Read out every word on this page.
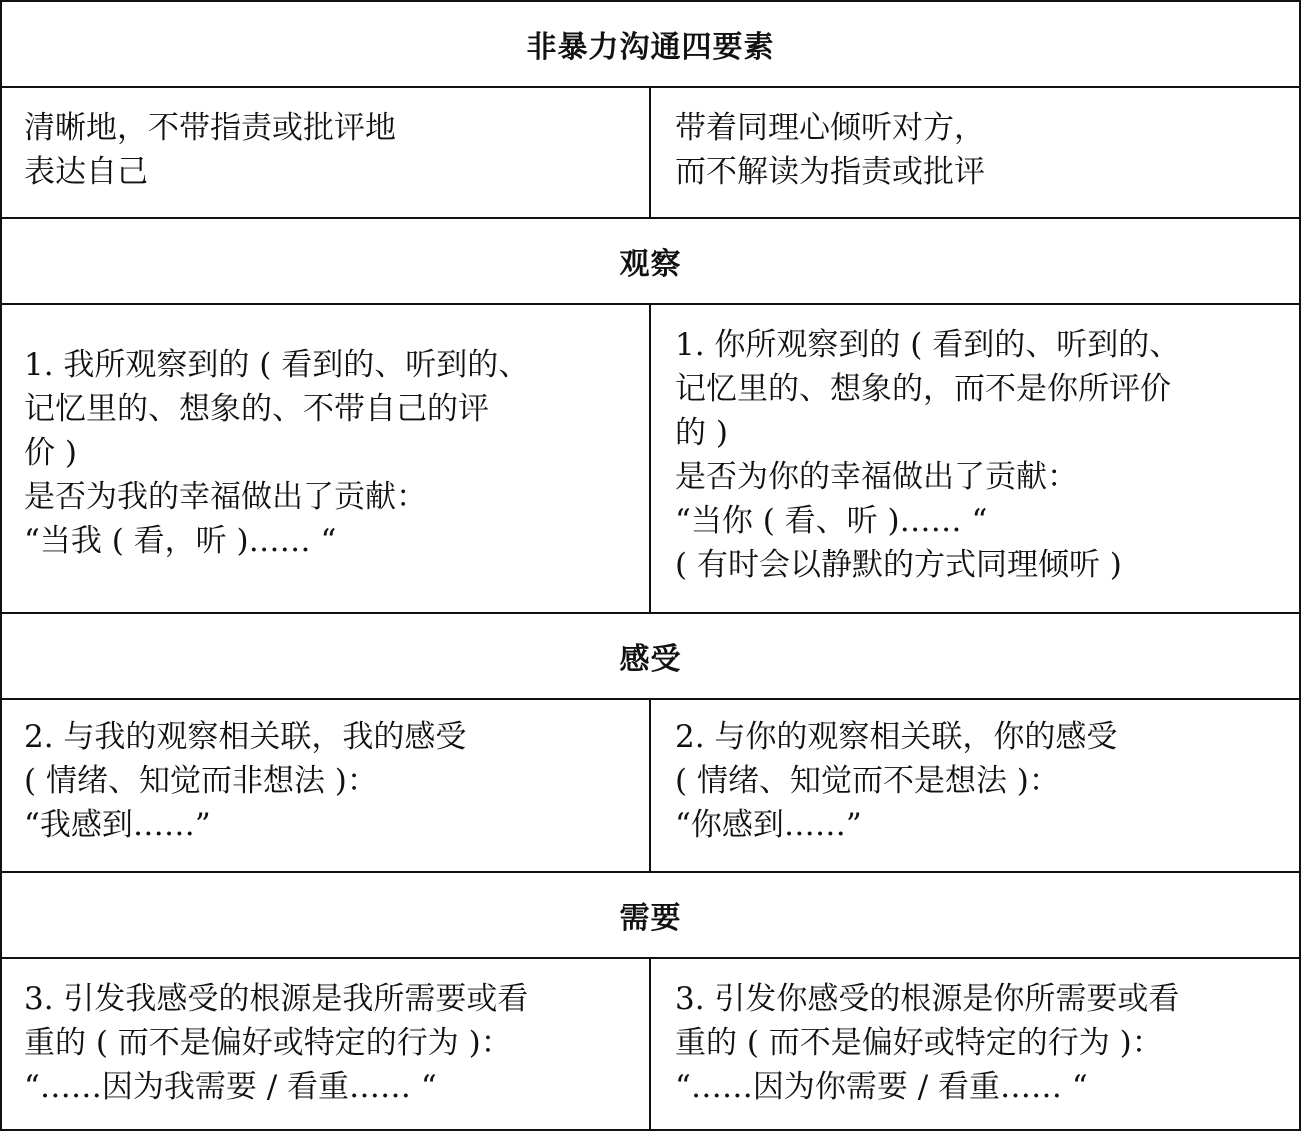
非暴力沟通四要素
清晰地，不带指责或批评地
表达自己
带着同理心倾听对方，
而不解读为指责或批评
观察
1. 我所观察到的 ( 看到的、听到的、
记忆里的、想象的、不带自己的评
价 )
是否为我的幸福做出了贡献：
“当我 ( 看，听 )…… “
1. 你所观察到的 ( 看到的、听到的、
记忆里的、想象的，而不是你所评价
的 )
是否为你的幸福做出了贡献：
“当你 ( 看、听 )…… “
( 有时会以静默的方式同理倾听 )
感受
2. 与我的观察相关联，我的感受
( 情绪、知觉而非想法 )：
“我感到……”
2. 与你的观察相关联，你的感受
( 情绪、知觉而不是想法 )：
“你感到……”
需要
3. 引发我感受的根源是我所需要或看
重的 ( 而不是偏好或特定的行为 )：
“……因为我需要 / 看重…… “
3. 引发你感受的根源是你所需要或看
重的 ( 而不是偏好或特定的行为 )：
“……因为你需要 / 看重…… “
